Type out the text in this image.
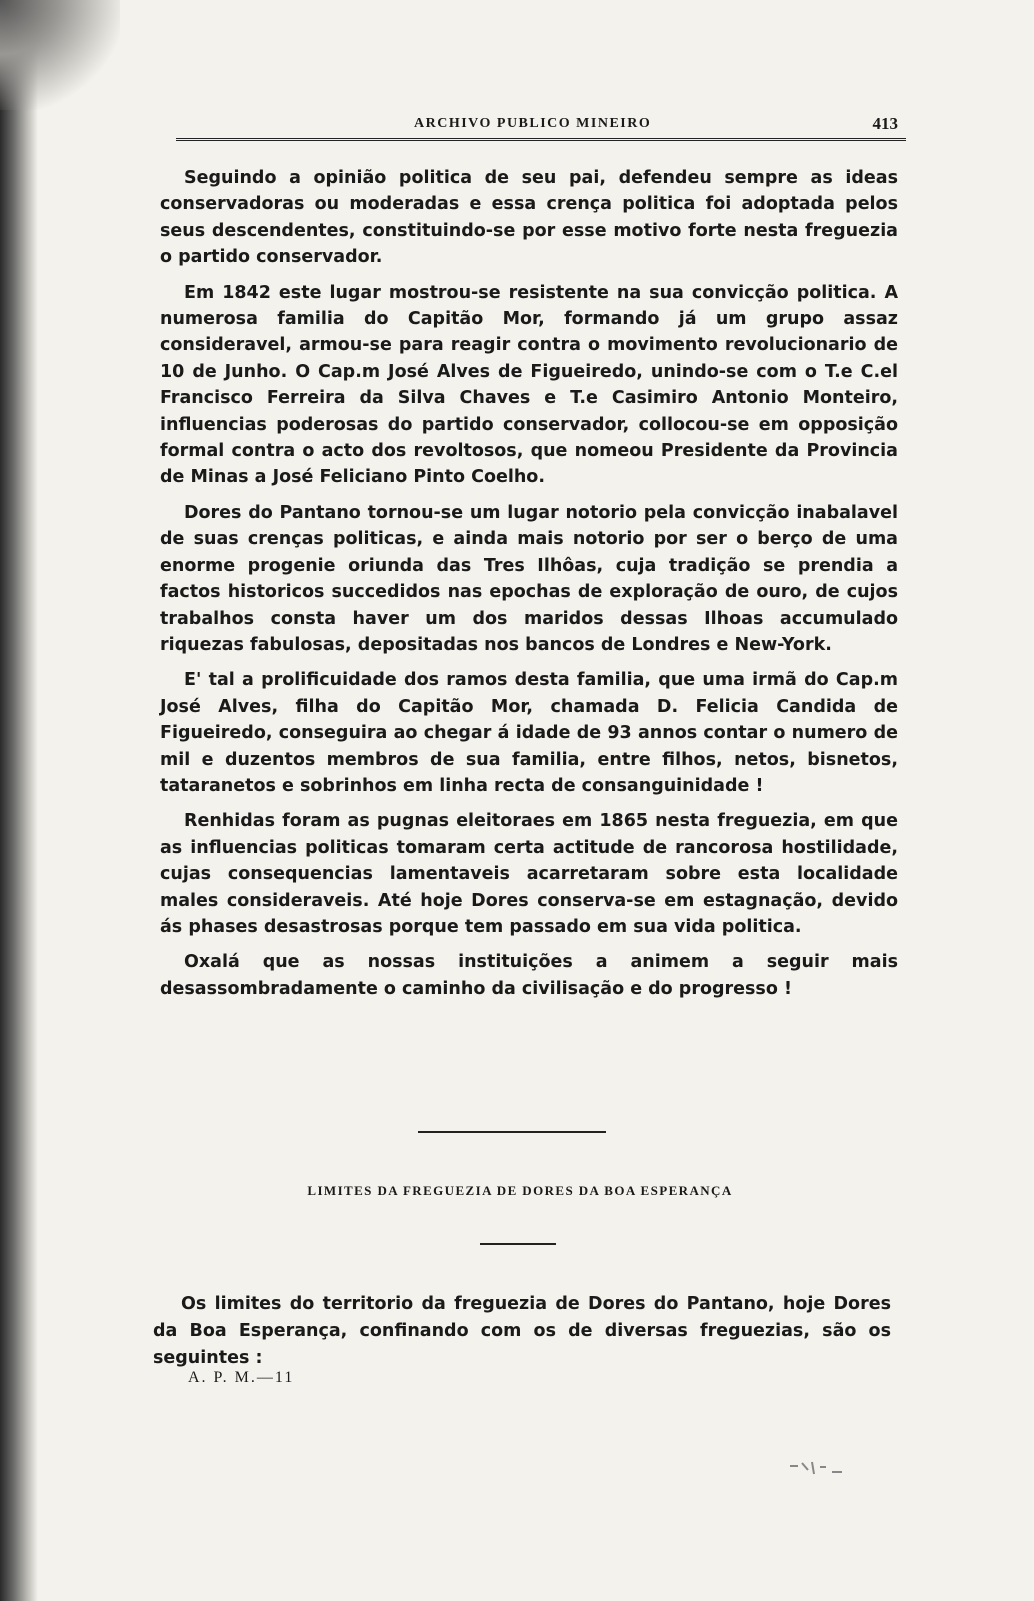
ARCHIVO PUBLICO MINEIRO	413

Seguindo a opinião politica de seu pai, defendeu sempre as ideas conservadoras ou moderadas e essa crença politica foi adoptada pelos seus descendentes, constituindo-se por esse motivo forte nesta freguezia o partido conservador.

Em 1842 este lugar mostrou-se resistente na sua convicção politica. A numerosa familia do Capitão Mor, formando já um grupo assaz consideravel, armou-se para reagir contra o movimento revolucionario de 10 de Junho. O Cap.m José Alves de Figueiredo, unindo-se com o T.e C.el Francisco Ferreira da Silva Chaves e T.e Casimiro Antonio Monteiro, influencias poderosas do partido conservador, collocou-se em opposição formal contra o acto dos revoltosos, que nomeou Presidente da Provincia de Minas a José Feliciano Pinto Coelho.

Dores do Pantano tornou-se um lugar notorio pela convicção inabalavel de suas crenças politicas, e ainda mais notorio por ser o berço de uma enorme progenie oriunda das Tres Ilhôas, cuja tradição se prendia a factos historicos succedidos nas epochas de exploração de ouro, de cujos trabalhos consta haver um dos maridos dessas Ilhoas accumulado riquezas fabulosas, depositadas nos bancos de Londres e New-York.

E' tal a prolificuidade dos ramos desta familia, que uma irmã do Cap.m José Alves, filha do Capitão Mor, chamada D. Felicia Candida de Figueiredo, conseguira ao chegar á idade de 93 annos contar o numero de mil e duzentos membros de sua familia, entre filhos, netos, bisnetos, tataranetos e sobrinhos em linha recta de consanguinidade !

Renhidas foram as pugnas eleitoraes em 1865 nesta freguezia, em que as influencias politicas tomaram certa actitude de rancorosa hostilidade, cujas consequencias lamentaveis acarretaram sobre esta localidade males consideraveis. Até hoje Dores conserva-se em estagnação, devido ás phases desastrosas porque tem passado em sua vida politica.

Oxalá que as nossas instituições a animem a seguir mais desassombradamente o caminho da civilisação e do progresso !

LIMITES DA FREGUEZIA DE DORES DA BOA ESPERANÇA

Os limites do territorio da freguezia de Dores do Pantano, hoje Dores da Boa Esperança, confinando com os de diversas freguezias, são os seguintes :

A. P. M.—11
